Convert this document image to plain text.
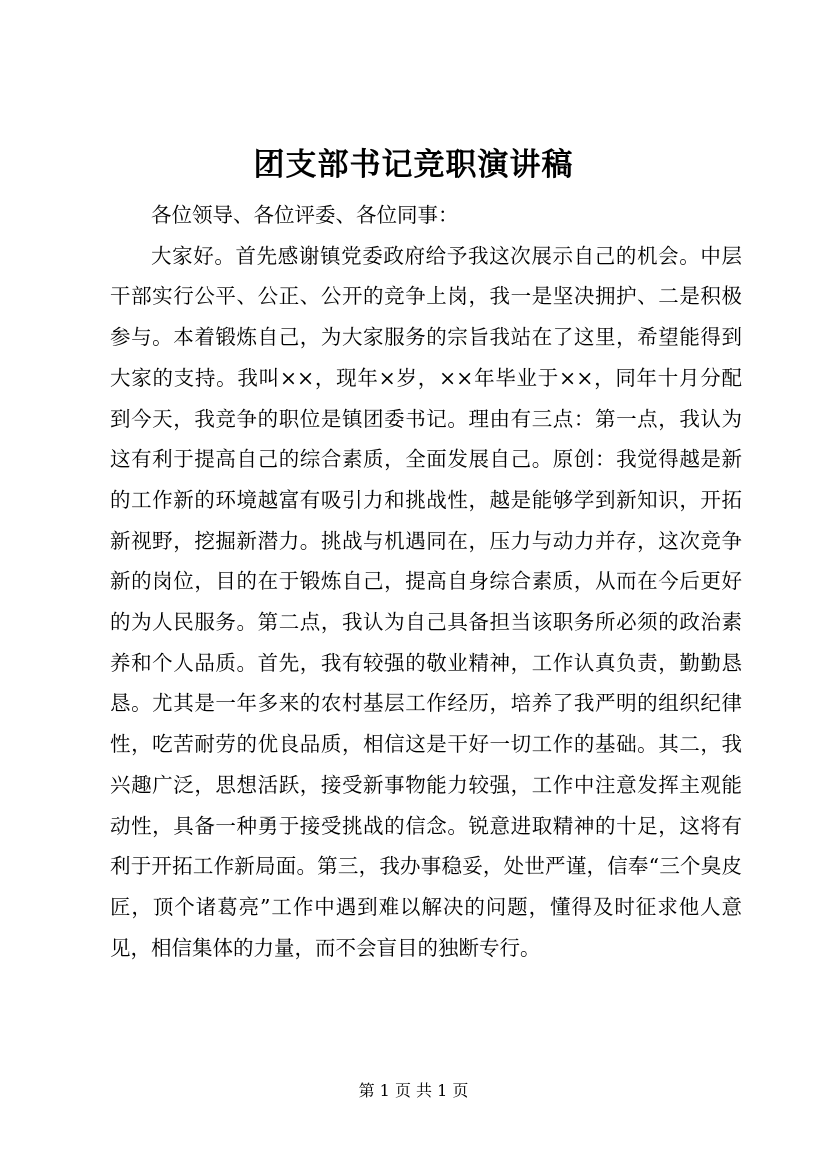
团支部书记竞职演讲稿

各位领导、各位评委、各位同事：

大家好。首先感谢镇党委政府给予我这次展示自己的机会。中层干部实行公平、公正、公开的竞争上岗，我一是坚决拥护、二是积极参与。本着锻炼自己，为大家服务的宗旨我站在了这里，希望能得到大家的支持。我叫××，现年×岁，××年毕业于××，同年十月分配到今天，我竞争的职位是镇团委书记。理由有三点：第一点，我认为这有利于提高自己的综合素质，全面发展自己。原创：我觉得越是新的工作新的环境越富有吸引力和挑战性，越是能够学到新知识，开拓新视野，挖掘新潜力。挑战与机遇同在，压力与动力并存，这次竞争新的岗位，目的在于锻炼自己，提高自身综合素质，从而在今后更好的为人民服务。第二点，我认为自己具备担当该职务所必须的政治素养和个人品质。首先，我有较强的敬业精神，工作认真负责，勤勤恳恳。尤其是一年多来的农村基层工作经历，培养了我严明的组织纪律性，吃苦耐劳的优良品质，相信这是干好一切工作的基础。其二，我兴趣广泛，思想活跃，接受新事物能力较强，工作中注意发挥主观能动性，具备一种勇于接受挑战的信念。锐意进取精神的十足，这将有利于开拓工作新局面。第三，我办事稳妥，处世严谨，信奉“三个臭皮匠，顶个诸葛亮”工作中遇到难以解决的问题，懂得及时征求他人意见，相信集体的力量，而不会盲目的独断专行。

第 1 页 共 1 页
